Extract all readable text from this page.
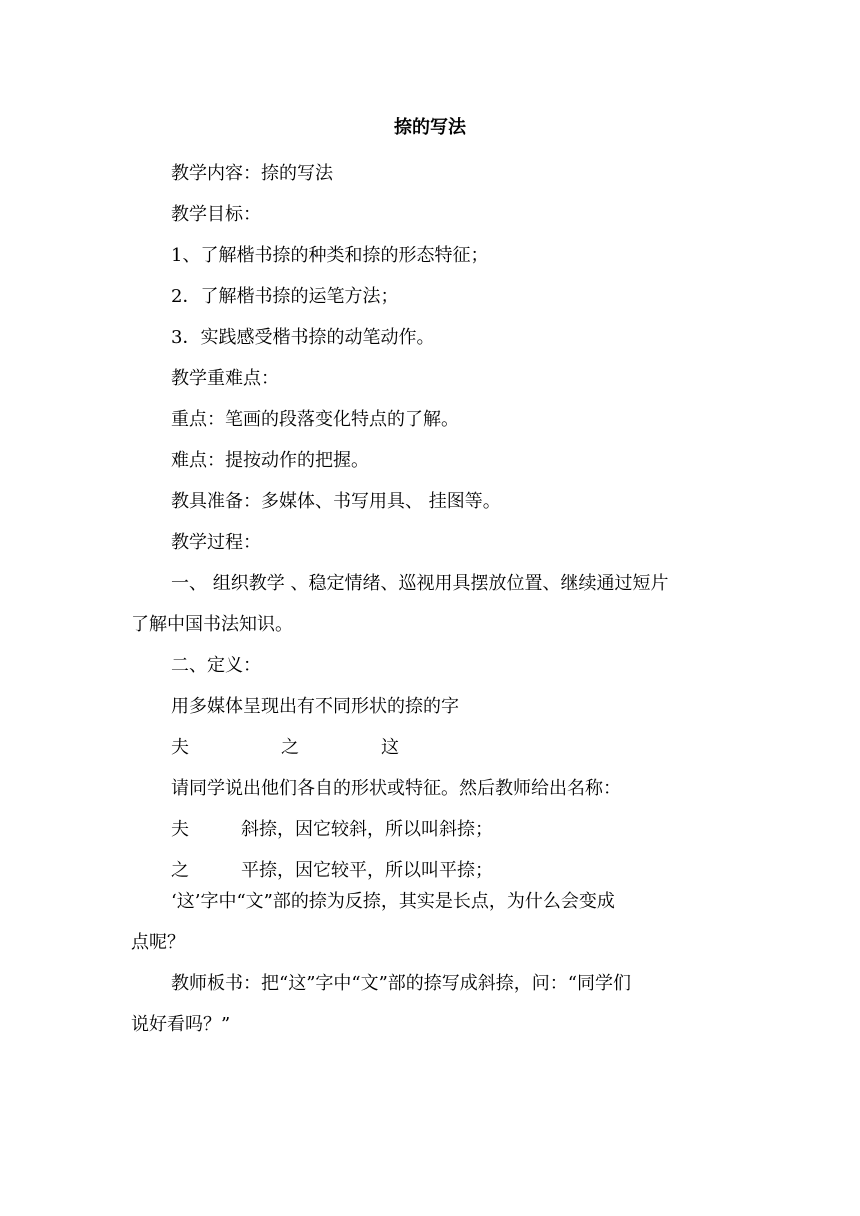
捺的写法
教学内容：捺的写法
教学目标：
1、了解楷书捺的种类和捺的形态特征；
2．了解楷书捺的运笔方法；
3．实践感受楷书捺的动笔动作。
教学重难点：
重点：笔画的段落变化特点的了解。
难点：提按动作的把握。
教具准备：多媒体、书写用具、 挂图等。
教学过程：
一、 组织教学 、稳定情绪、巡视用具摆放位置、继续通过短片
了解中国书法知识。
二、定义：
用多媒体呈现出有不同形状的捺的字
夫	之	这
请同学说出他们各自的形状或特征。然后教师给出名称：
夫	斜捺，因它较斜，所以叫斜捺；
之	平捺，因它较平，所以叫平捺；
‘这’字中“文”部的捺为反捺，其实是长点，为什么会变成
点呢？
教师板书：把“这”字中“文”部的捺写成斜捺，问：“同学们
说好看吗？”
